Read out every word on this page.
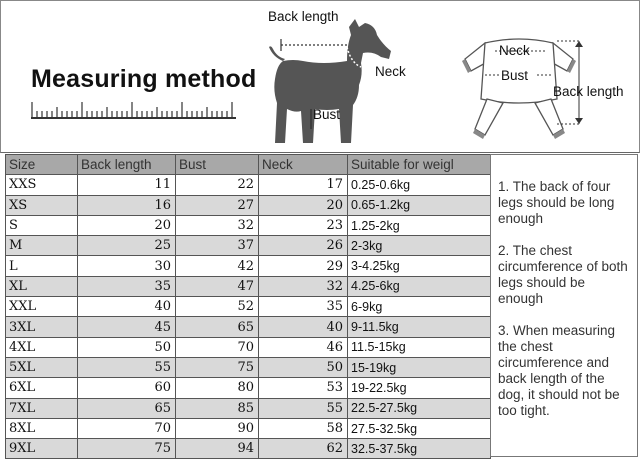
Measuring method
Back length
Neck
Bust
Neck
Bust
Back length
Size	Back length	Bust	Neck	Suitable for weigl
XXS	11	22	17	0.25-0.6kg
XS	16	27	20	0.65-1.2kg
S	20	32	23	1.25-2kg
M	25	37	26	2-3kg
L	30	42	29	3-4.25kg
XL	35	47	32	4.25-6kg
XXL	40	52	35	6-9kg
3XL	45	65	40	9-11.5kg
4XL	50	70	46	11.5-15kg
5XL	55	75	50	15-19kg
6XL	60	80	53	19-22.5kg
7XL	65	85	55	22.5-27.5kg
8XL	70	90	58	27.5-32.5kg
9XL	75	94	62	32.5-37.5kg

1. The back of four legs should be long enough

2. The chest circumference of both legs should be enough

3. When measuring the chest circumference and back length of the dog, it should not be too tight.
